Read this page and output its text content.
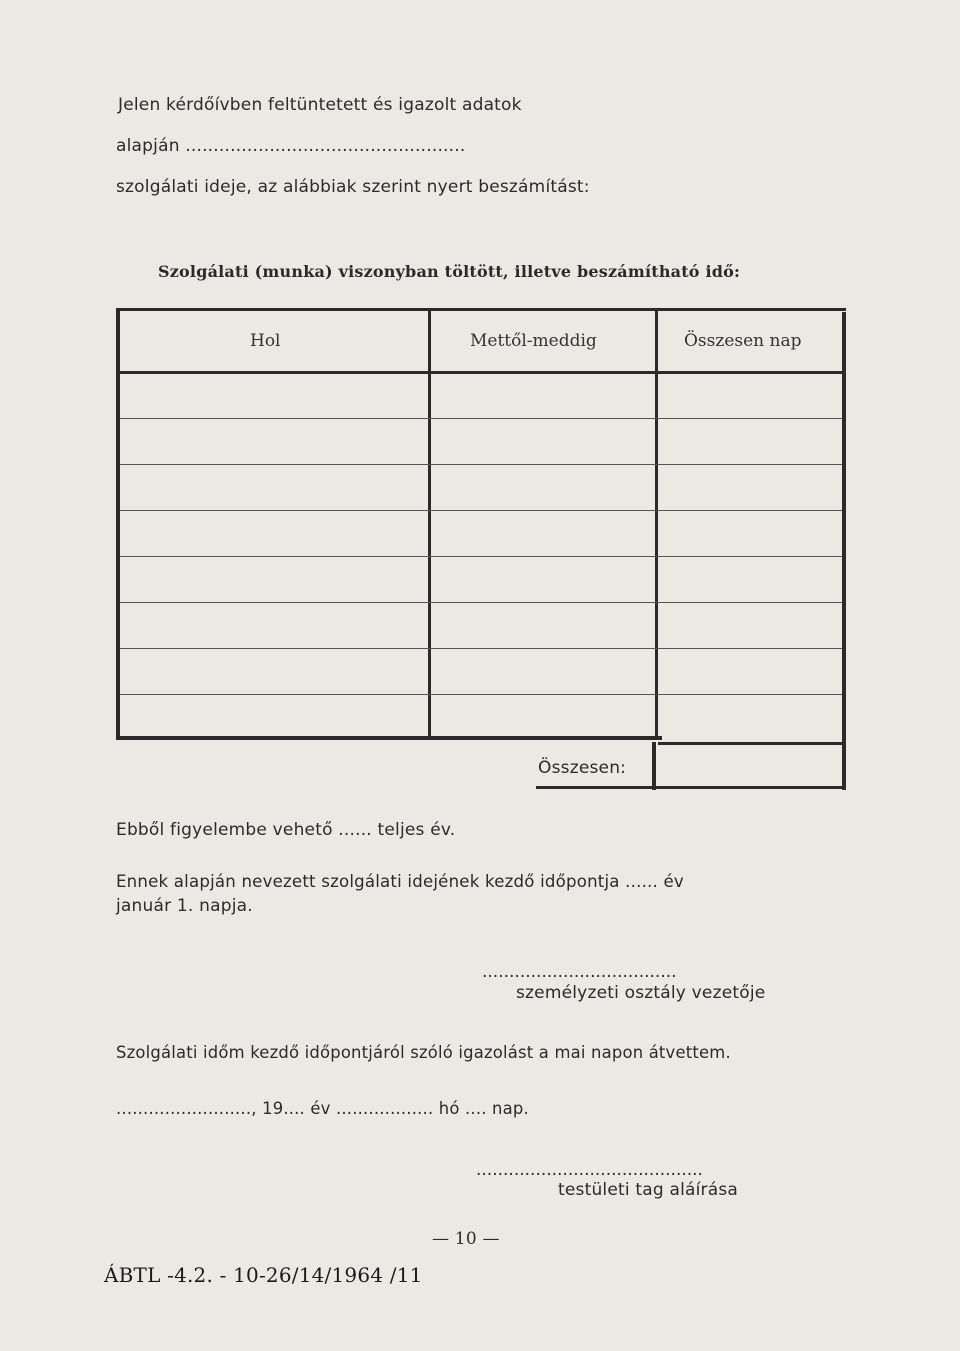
Jelen kérdőívben feltüntetett és igazolt adatok
alapján ..................................................
szolgálati ideje, az alábbiak szerint nyert beszámítást:
Szolgálati (munka) viszonyban töltött, illetve beszámítható idő:
Hol	Mettől-meddig	Összesen nap
Összesen:
Ebből figyelembe vehető ...... teljes év.
Ennek alapján nevezett szolgálati idejének kezdő időpontja ...... év
január 1. napja.
....................................
személyzeti osztály vezetője
Szolgálati időm kezdő időpontjáról szóló igazolást a mai napon átvettem.
........................., 19.... év .................. hó .... nap.
..........................................
testületi tag aláírása
— 10 —
ÁBTL -4.2. - 10-26/14/1964 /11
